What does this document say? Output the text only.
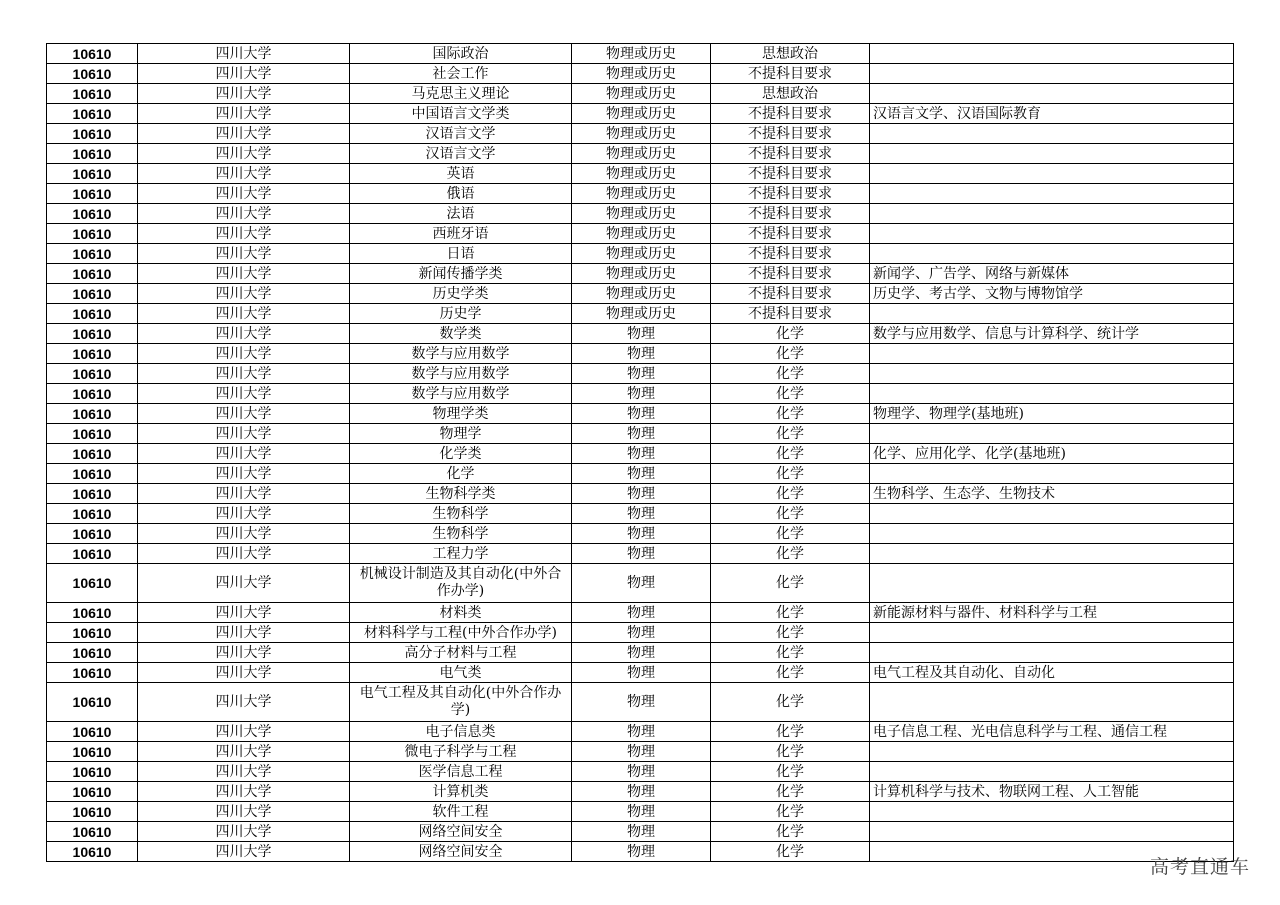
10610	四川大学	国际政治	物理或历史	思想政治	
10610	四川大学	社会工作	物理或历史	不提科目要求	
10610	四川大学	马克思主义理论	物理或历史	思想政治	
10610	四川大学	中国语言文学类	物理或历史	不提科目要求	汉语言文学、汉语国际教育
10610	四川大学	汉语言文学	物理或历史	不提科目要求	
10610	四川大学	汉语言文学	物理或历史	不提科目要求	
10610	四川大学	英语	物理或历史	不提科目要求	
10610	四川大学	俄语	物理或历史	不提科目要求	
10610	四川大学	法语	物理或历史	不提科目要求	
10610	四川大学	西班牙语	物理或历史	不提科目要求	
10610	四川大学	日语	物理或历史	不提科目要求	
10610	四川大学	新闻传播学类	物理或历史	不提科目要求	新闻学、广告学、网络与新媒体
10610	四川大学	历史学类	物理或历史	不提科目要求	历史学、考古学、文物与博物馆学
10610	四川大学	历史学	物理或历史	不提科目要求	
10610	四川大学	数学类	物理	化学	数学与应用数学、信息与计算科学、统计学
10610	四川大学	数学与应用数学	物理	化学	
10610	四川大学	数学与应用数学	物理	化学	
10610	四川大学	数学与应用数学	物理	化学	
10610	四川大学	物理学类	物理	化学	物理学、物理学(基地班)
10610	四川大学	物理学	物理	化学	
10610	四川大学	化学类	物理	化学	化学、应用化学、化学(基地班)
10610	四川大学	化学	物理	化学	
10610	四川大学	生物科学类	物理	化学	生物科学、生态学、生物技术
10610	四川大学	生物科学	物理	化学	
10610	四川大学	生物科学	物理	化学	
10610	四川大学	工程力学	物理	化学	
10610	四川大学	机械设计制造及其自动化(中外合作办学)	物理	化学	
10610	四川大学	材料类	物理	化学	新能源材料与器件、材料科学与工程
10610	四川大学	材料科学与工程(中外合作办学)	物理	化学	
10610	四川大学	高分子材料与工程	物理	化学	
10610	四川大学	电气类	物理	化学	电气工程及其自动化、自动化
10610	四川大学	电气工程及其自动化(中外合作办学)	物理	化学	
10610	四川大学	电子信息类	物理	化学	电子信息工程、光电信息科学与工程、通信工程
10610	四川大学	微电子科学与工程	物理	化学	
10610	四川大学	医学信息工程	物理	化学	
10610	四川大学	计算机类	物理	化学	计算机科学与技术、物联网工程、人工智能
10610	四川大学	软件工程	物理	化学	
10610	四川大学	网络空间安全	物理	化学	
10610	四川大学	网络空间安全	物理	化学	
高考直通车
